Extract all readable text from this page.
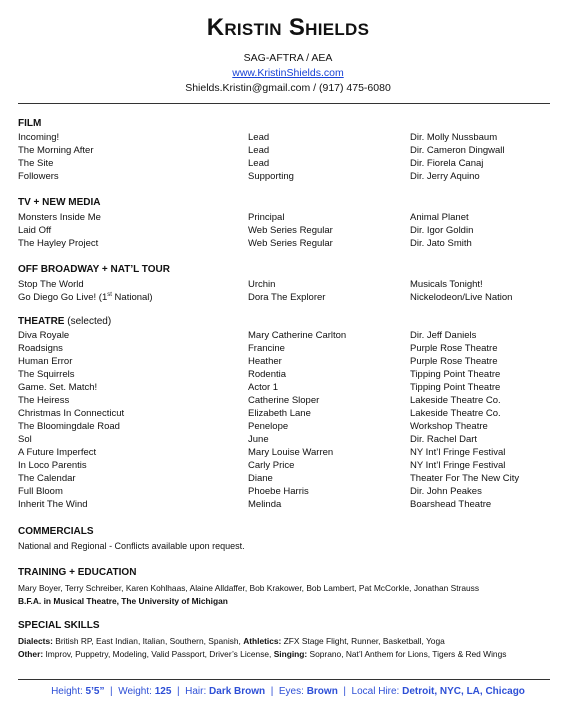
Kristin Shields
SAG-AFTRA / AEA
www.KristinShields.com
Shields.Kristin@gmail.com / (917) 475-6080
FILM
Incoming!	Lead	Dir. Molly Nussbaum
The Morning After	Lead	Dir. Cameron Dingwall
The Site	Lead	Dir. Fiorela Canaj
Followers	Supporting	Dir. Jerry Aquino
TV + NEW MEDIA
Monsters Inside Me	Principal	Animal Planet
Laid Off	Web Series Regular	Dir. Igor Goldin
The Hayley Project	Web Series Regular	Dir. Jato Smith
OFF BROADWAY + NAT’L TOUR
Stop The World	Urchin	Musicals Tonight!
Go Diego Go Live! (1st National)	Dora The Explorer	Nickelodeon/Live Nation
THEATRE (selected)
Diva Royale	Mary Catherine Carlton	Dir. Jeff Daniels
Roadsigns	Francine	Purple Rose Theatre
Human Error	Heather	Purple Rose Theatre
The Squirrels	Rodentia	Tipping Point Theatre
Game. Set. Match!	Actor 1	Tipping Point Theatre
The Heiress	Catherine Sloper	Lakeside Theatre Co.
Christmas In Connecticut	Elizabeth Lane	Lakeside Theatre Co.
The Bloomingdale Road	Penelope	Workshop Theatre
Sol	June	Dir. Rachel Dart
A Future Imperfect	Mary Louise Warren	NY Int’l Fringe Festival
In Loco Parentis	Carly Price	NY Int’l Fringe Festival
The Calendar	Diane	Theater For The New City
Full Bloom	Phoebe Harris	Dir. John Peakes
Inherit The Wind	Melinda	Boarshead Theatre
COMMERCIALS
National and Regional - Conflicts available upon request.
TRAINING + EDUCATION
Mary Boyer, Terry Schreiber, Karen Kohlhaas, Alaine Alldaffer, Bob Krakower, Bob Lambert, Pat McCorkle, Jonathan Strauss
B.F.A. in Musical Theatre, The University of Michigan
SPECIAL SKILLS
Dialects: British RP, East Indian, Italian, Southern, Spanish, Athletics: ZFX Stage Flight, Runner, Basketball, Yoga
Other: Improv, Puppetry, Modeling, Valid Passport, Driver’s License, Singing: Soprano, Nat’l Anthem for Lions, Tigers & Red Wings
Height: 5’5” | Weight: 125 | Hair: Dark Brown | Eyes: Brown | Local Hire: Detroit, NYC, LA, Chicago
